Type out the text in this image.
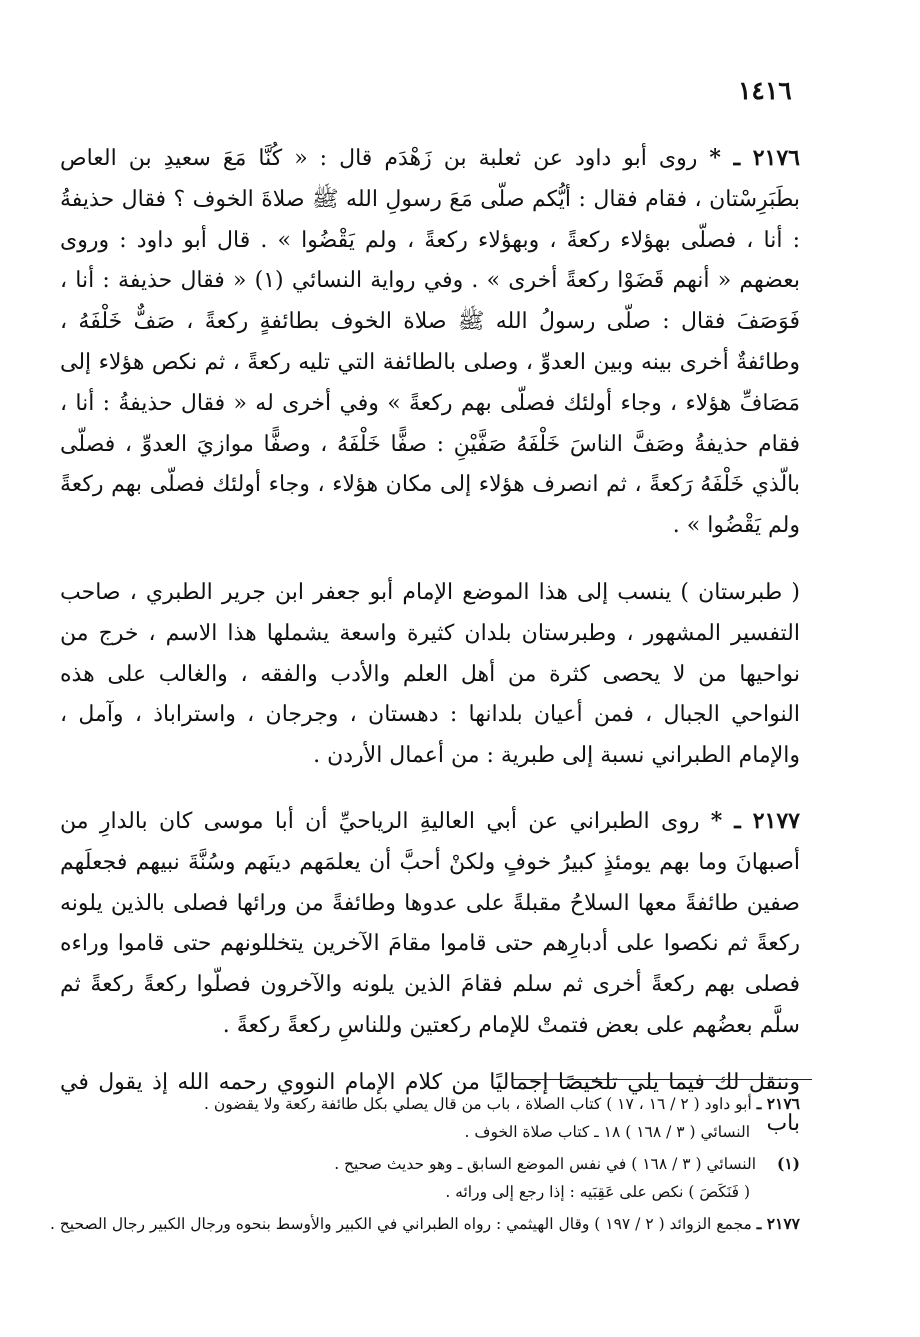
١٤١٦

٢١٧٦ ـ * روى أبو داود عن ثعلبة بن زَهْدَم قال : « كُنَّا مَعَ سعيدِ بن العاص بطَبَرِسْتان ، فقام فقال : أيُّكم صلّى مَعَ رسولِ الله ﷺ صلاةَ الخوف ؟ فقال حذيفةُ : أنا ، فصلّى بهؤلاء ركعةً ، وبهؤلاء ركعةً ، ولم يَقْضُوا » . قال أبو داود : وروى بعضهم « أنهم قَضَوْا ركعةً أخرى » . وفي رواية النسائي (١) « فقال حذيفة : أنا ، فَوَصَفَ فقال : صلّى رسولُ الله ﷺ صلاة الخوف بطائفةٍ ركعةً ، صَفٌّ خَلْفَهُ ، وطائفةٌ أخرى بينه وبين العدوِّ ، وصلى بالطائفة التي تليه ركعةً ، ثم نكص هؤلاء إلى مَصَافِّ هؤلاء ، وجاء أولئك فصلّى بهم ركعةً » وفي أخرى له « فقال حذيفةُ : أنا ، فقام حذيفةُ وصَفَّ الناسَ خَلْفَهُ صَفَّيْنِ : صفًّا خَلْفَهُ ، وصفًّا موازيَ العدوِّ ، فصلّى بالّذي خَلْفَهُ رَكعةً ، ثم انصرف هؤلاء إلى مكان هؤلاء ، وجاء أولئك فصلّى بهم ركعةً ولم يَقْضُوا » .

( طبرستان ) ينسب إلى هذا الموضع الإمام أبو جعفر ابن جرير الطبري ، صاحب التفسير المشهور ، وطبرستان بلدان كثيرة واسعة يشملها هذا الاسم ، خرج من نواحيها من لا يحصى كثرة من أهل العلم والأدب والفقه ، والغالب على هذه النواحي الجبال ، فمن أعيان بلدانها : دهستان ، وجرجان ، واستراباذ ، وآمل ، والإمام الطبراني نسبة إلى طبرية : من أعمال الأردن .

٢١٧٧ ـ * روى الطبراني عن أبي العاليةِ الرياحيِّ أن أبا موسى كان بالدارِ من أصبهانَ وما بهم يومئذٍ كبيرُ خوفٍ ولكنْ أحبَّ أن يعلمَهم دينَهم وسُنَّةَ نبيهم فجعلَهم صفين طائفةً معها السلاحُ مقبلةً على عدوها وطائفةً من ورائها فصلى بالذين يلونه ركعةً ثم نكصوا على أدبارِهم حتى قاموا مقامَ الآخرين يتخللونهم حتى قاموا وراءه فصلى بهم ركعةً أخرى ثم سلم فقامَ الذين يلونه والآخرون فصلّوا ركعةً ركعةً ثم سلَّم بعضُهم على بعض فتمتْ للإمام ركعتين وللناسِ ركعةً ركعةً .

وننقل لك فيما يلي تلخيصًا إجماليًا من كلام الإمام النووي رحمه الله إذ يقول في باب

٢١٧٦ ـ أبو داود ( ٢ / ١٦ ، ١٧ ) كتاب الصلاة ، باب من قال يصلي بكل طائفة ركعة ولا يقضون .
النسائي ( ٣ / ١٦٨ ) ١٨ ـ كتاب صلاة الخوف .
(١)النسائي ( ٣ / ١٦٨ ) في نفس الموضع السابق ـ وهو حديث صحيح .
( فَنَكَصَ ) نكص على عَقِبَيه : إذا رجع إلى ورائه .
٢١٧٧ ـ مجمع الزوائد ( ٢ / ١٩٧ ) وقال الهيثمي : رواه الطبراني في الكبير والأوسط بنحوه ورجال الكبير رجال الصحيح .
